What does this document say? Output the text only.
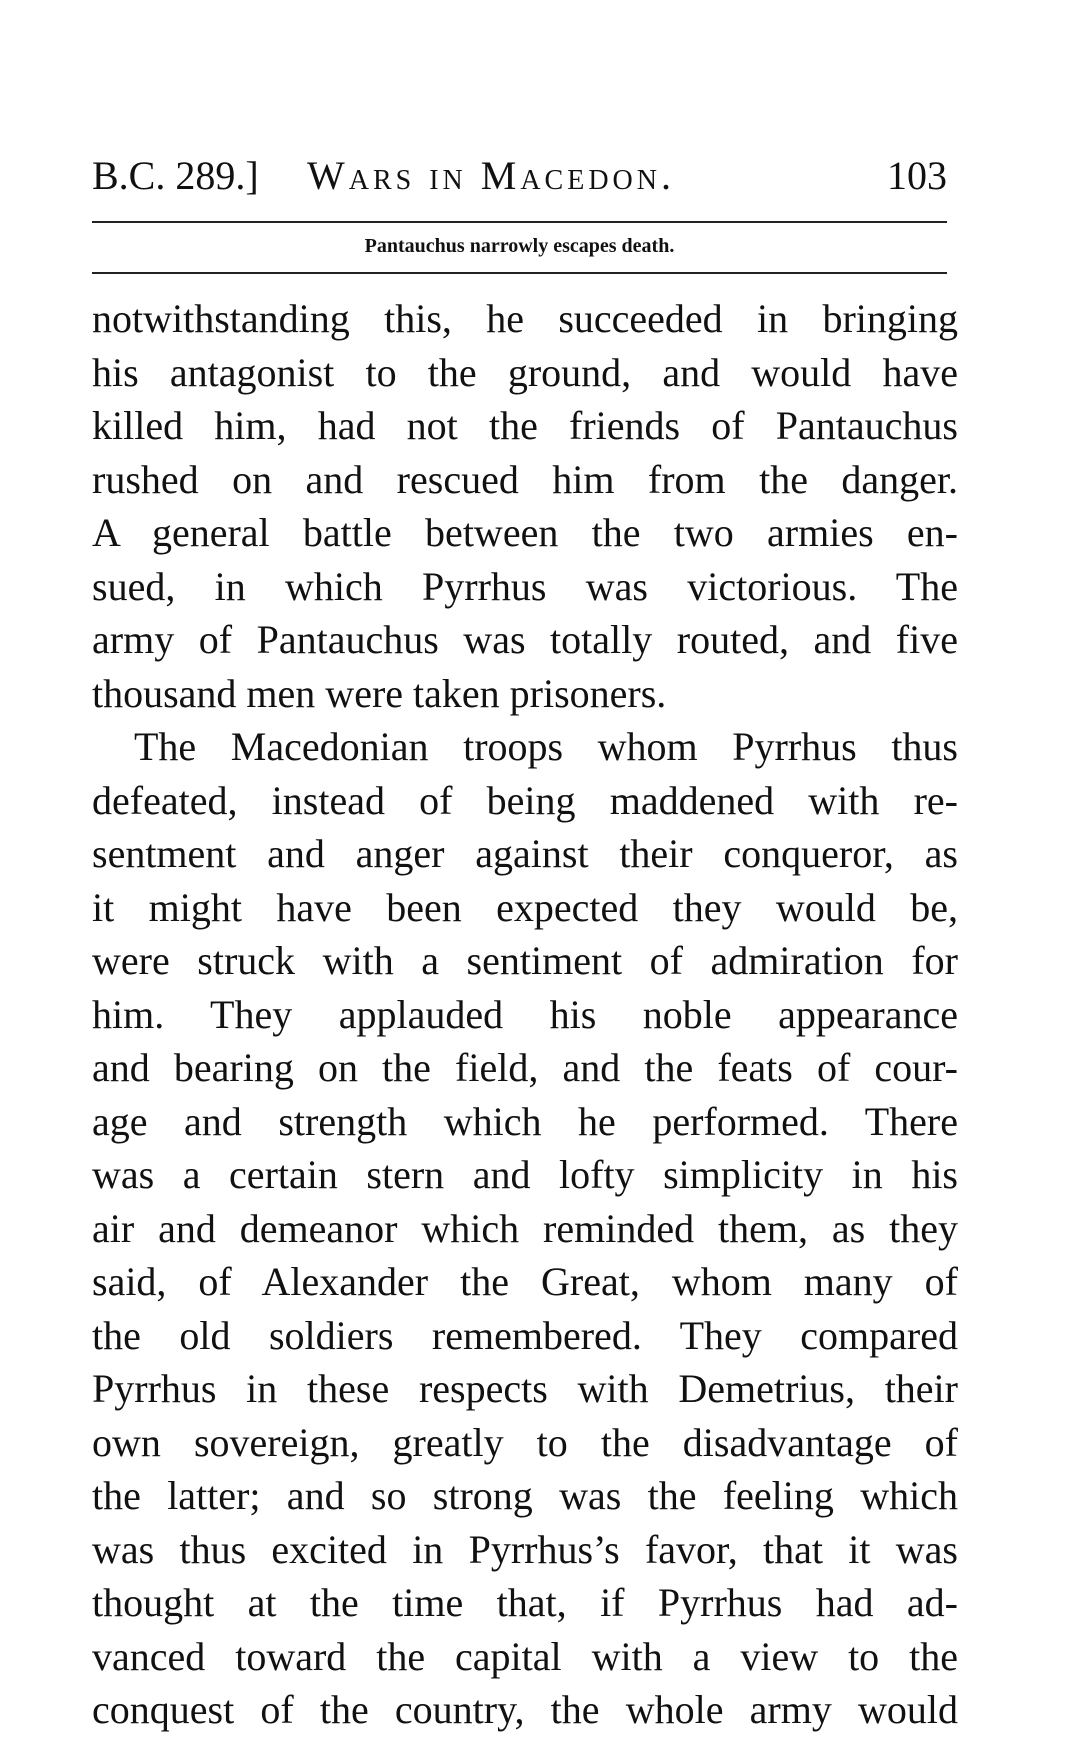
B.C. 289.] Wars in Macedon.	103
Pantauchus narrowly escapes death.
notwithstanding this, he succeeded in bringing
his antagonist to the ground, and would have
killed him, had not the friends of Pantauchus
rushed on and rescued him from the danger.
A general battle between the two armies en-
sued, in which Pyrrhus was victorious. The
army of Pantauchus was totally routed, and five
thousand men were taken prisoners.
The Macedonian troops whom Pyrrhus thus
defeated, instead of being maddened with re-
sentment and anger against their conqueror, as
it might have been expected they would be,
were struck with a sentiment of admiration for
him. They applauded his noble appearance
and bearing on the field, and the feats of cour-
age and strength which he performed. There
was a certain stern and lofty simplicity in his
air and demeanor which reminded them, as they
said, of Alexander the Great, whom many of
the old soldiers remembered. They compared
Pyrrhus in these respects with Demetrius, their
own sovereign, greatly to the disadvantage of
the latter; and so strong was the feeling which
was thus excited in Pyrrhus’s favor, that it was
thought at the time that, if Pyrrhus had ad-
vanced toward the capital with a view to the
conquest of the country, the whole army would
